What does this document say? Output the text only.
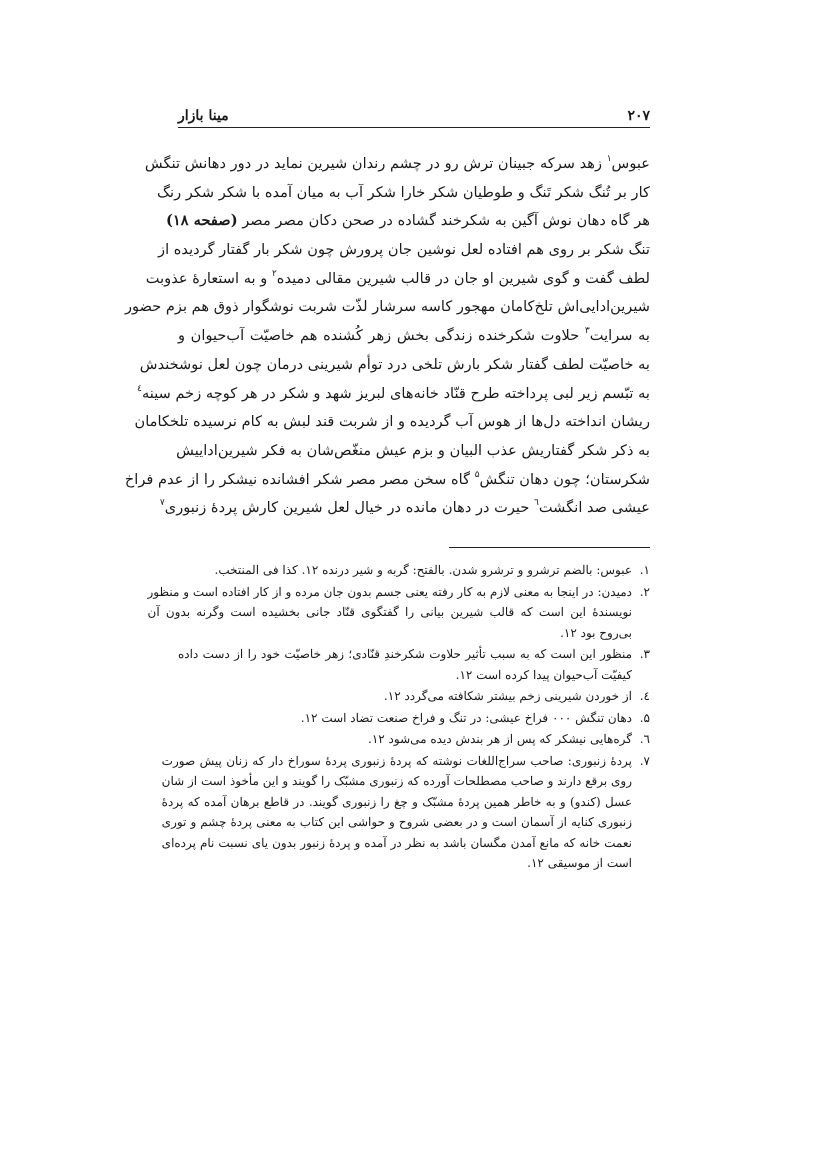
۲۰۷
مینا بازار
عبوس$^۱$ زهد سرکه جبینان ترش رو در چشم رندان شیرین نماید در دور دهانش تنگش
کار بر تُنگ شکر تَنگ و طوطیان شکر خارا شکر آب به میان آمده با شکر شکر رنگ
هر گاه دهان نوش آگین به شکرخند گشاده در صحن دکان مصر مصر (صفحه ۱۸)
تنگ شکر بر روی هم افتاده لعل نوشین جان پرورش چون شکر بار گفتار گردیده از
لطف گفت و گوی شیرین او جان در قالب شیرین مقالی دمیده$^۲$ و به استعارهٔ عذوبت
شیرین‌ادایی‌اش تلخ‌کامان مهجور کاسه سرشار لذّت شربت نوشگوار ذوق هم بزم حضور
به سرایت$^۳$ حلاوت شکرخنده زندگی بخش زهر کُشنده هم خاصیّت آب‌حیوان و
به خاصیّت لطف گفتار شکر بارش تلخی درد توأم شیرینی درمان چون لعل نوشخندش
به تبّسم زیر لبی پرداخته طرح قنّاد خانه‌های لبریز شهد و شکر در هر کوچه زخم سینه$^٤$
ریشان انداخته دل‌ها از هوس آب گردیده و از شربت قند لبش به کام نرسیده تلخکامان
به ذکر شکر گفتاریش عذب البیان و بزم عیش منغّص‌شان به فکر شیرین‌اداییش
شکرستان؛ چون دهان تنگش$^۵$ گاه سخن مصر مصر شکر افشانده نیشکر را از عدم فراخ
عیشی صد انگشت$^٦$ حیرت در دهان مانده در خیال لعل شیرین کارش پردهٔ زنبوری$^۷$
۱.
عبوس: بالضم ترشرو و ترشرو شدن. بالفتح: گربه و شیر درنده ۱۲. کذا فی المنتخب.
۲.
دمیدن: در اینجا به معنی لازم به کار رفته یعنی جسم بدون جان مرده و از کار افتاده است و منظور
نویسندهٔ این است که قالب شیرین بیانی را گفتگوی قنّاد جانی بخشیده است وگرنه بدون آن
بی‌روح بود ۱۲.
۳.
منظور این است که به سبب تأثیر حلاوت شکرخندِ قنّادی؛ زهر خاصیّت خود را از دست داده
کیفیّت آب‌حیوان پیدا کرده است ۱۲.
٤.
از خوردن شیرینی زخم بیشتر شکافته می‌گردد ۱۲.
۵.
دهان تنگش ۰۰۰ فراخ عیشی: در تنگ و فراخ صنعت تضاد است ۱۲.
٦.
گره‌هایی نیشکر که پس از هر بندش دیده می‌شود ۱۲.
۷.
پردهٔ زنبوری: صاحب سراج‌اللغات نوشته که پردهٔ زنبوری پردهٔ سوراخ دار که زنان پیش صورت
روی برقع دارند و صاحب مصطلحات آورده که زنبوری مشبّک را گویند و این مأخوذ است از شان
عسل (کندو) و به خاطر همین پردهٔ مشبّک و چغ را زنبوری گویند. در قاطع برهان آمده که پردهٔ
زنبوری کنایه از آسمان است و در بعضی شروح و حواشی این کتاب به معنی پردهٔ چشم و توری
نعمت خانه که مانع آمدن مگسان باشد به نظر در آمده و پردهٔ زنبور بدون یای نسبت نام پرده‌ای
است از موسیقی ۱۲.
